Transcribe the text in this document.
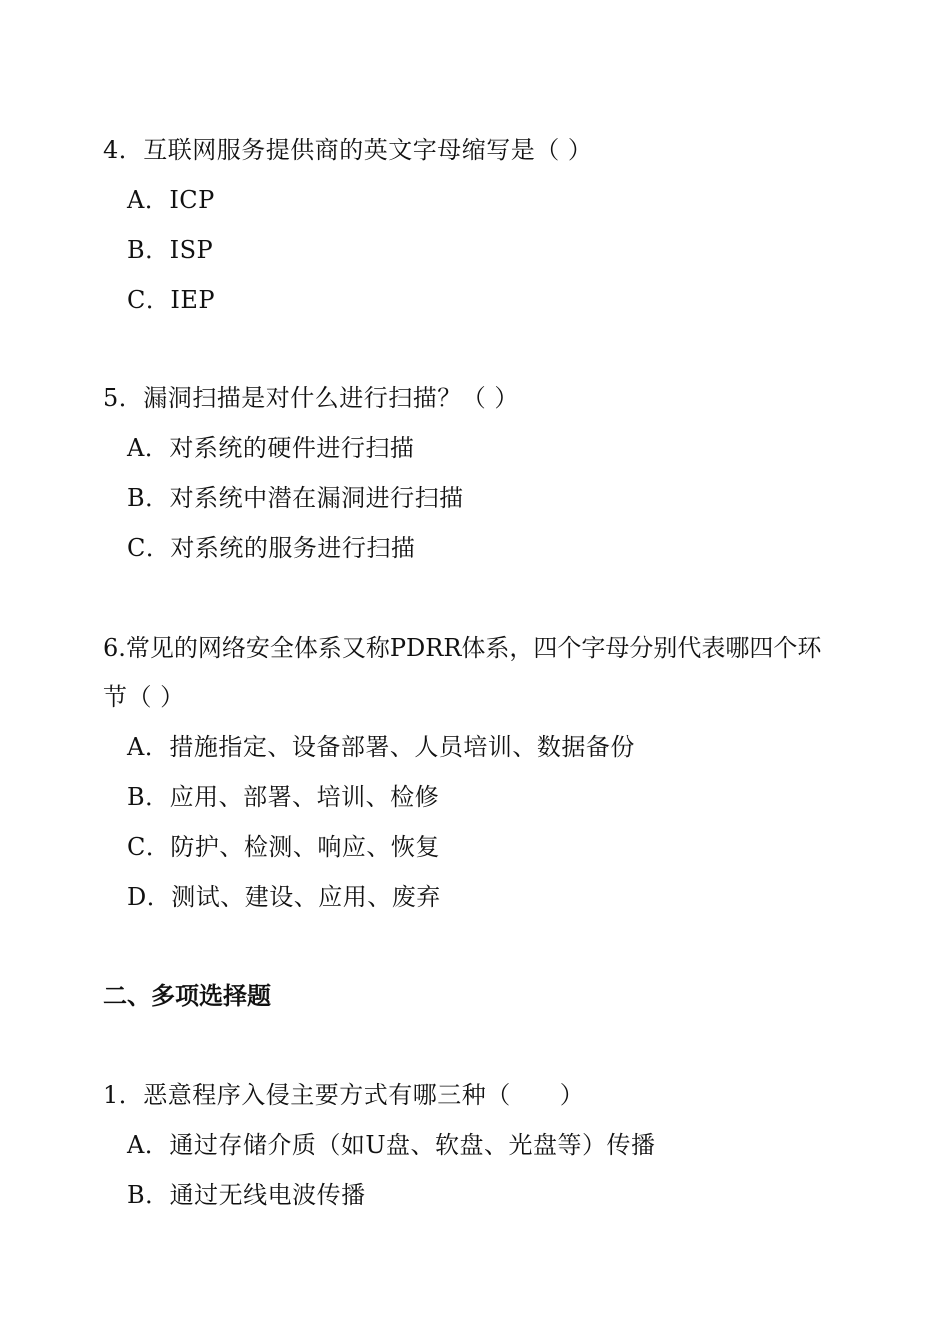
4．互联网服务提供商的英文字母缩写是（ ）
A．ICP
B．ISP
C．IEP
5．漏洞扫描是对什么进行扫描？（ ）
A．对系统的硬件进行扫描
B．对系统中潜在漏洞进行扫描
C．对系统的服务进行扫描
6.常见的网络安全体系又称PDRR体系，四个字母分别代表哪四个环
节（ ）
A．措施指定、设备部署、人员培训、数据备份
B．应用、部署、培训、检修
C．防护、检测、响应、恢复
D．测试、建设、应用、废弃
二、多项选择题
1．恶意程序入侵主要方式有哪三种（　　）
A．通过存储介质（如U盘、软盘、光盘等）传播
B．通过无线电波传播
